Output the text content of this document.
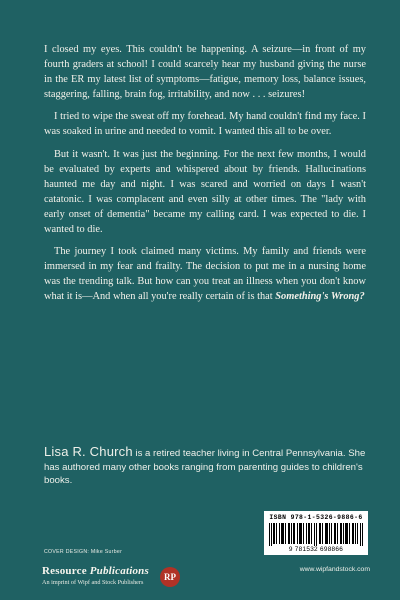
I closed my eyes. This couldn't be happening. A seizure—in front of my fourth graders at school! I could scarcely hear my husband giving the nurse in the ER my latest list of symptoms—fatigue, memory loss, balance issues, staggering, falling, brain fog, irritability, and now . . . seizures!

I tried to wipe the sweat off my forehead. My hand couldn't find my face. I was soaked in urine and needed to vomit. I wanted this all to be over.

But it wasn't. It was just the beginning. For the next few months, I would be evaluated by experts and whispered about by friends. Hallucinations haunted me day and night. I was scared and worried on days I wasn't catatonic. I was complacent and even silly at other times. The "lady with early onset of dementia" became my calling card. I was expected to die. I wanted to die.

The journey I took claimed many victims. My family and friends were immersed in my fear and frailty. The decision to put me in a nursing home was the trending talk. But how can you treat an illness when you don't know what it is—And when all you're really certain of is that Something's Wrong?

Lisa R. Church is a retired teacher living in Central Pennsylvania. She has authored many other books ranging from parenting guides to children's books.
COVER DESIGN: Mike Surber
Resource Publications
An imprint of Wipf and Stock Publishers
RP
ISBN 978-1-5326-9886-6
9 781532 698866
www.wipfandstock.com
